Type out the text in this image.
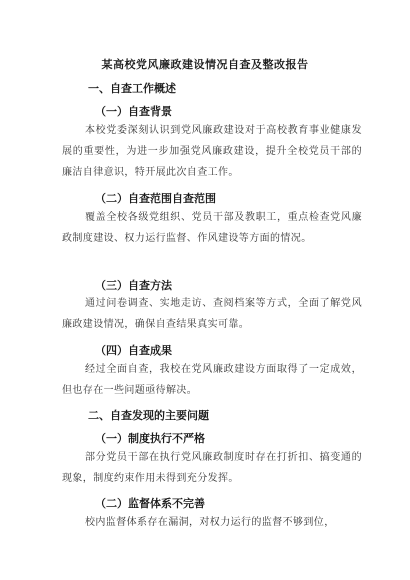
某高校党风廉政建设情况自查及整改报告
一、自查工作概述
（一）自查背景
本校党委深刻认识到党风廉政建设对于高校教育事业健康发展的重要性，为进一步加强党风廉政建设，提升全校党员干部的廉洁自律意识，特开展此次自查工作。
（二）自查范围自查范围
覆盖全校各级党组织、党员干部及教职工，重点检查党风廉政制度建设、权力运行监督、作风建设等方面的情况。
（三）自查方法
通过问卷调查、实地走访、查阅档案等方式，全面了解党风廉政建设情况，确保自查结果真实可靠。
（四）自查成果
经过全面自查，我校在党风廉政建设方面取得了一定成效，但也存在一些问题亟待解决。
二、自查发现的主要问题
（一）制度执行不严格
部分党员干部在执行党风廉政制度时存在打折扣、搞变通的现象，制度约束作用未得到充分发挥。
（二）监督体系不完善
校内监督体系存在漏洞，对权力运行的监督不够到位，
